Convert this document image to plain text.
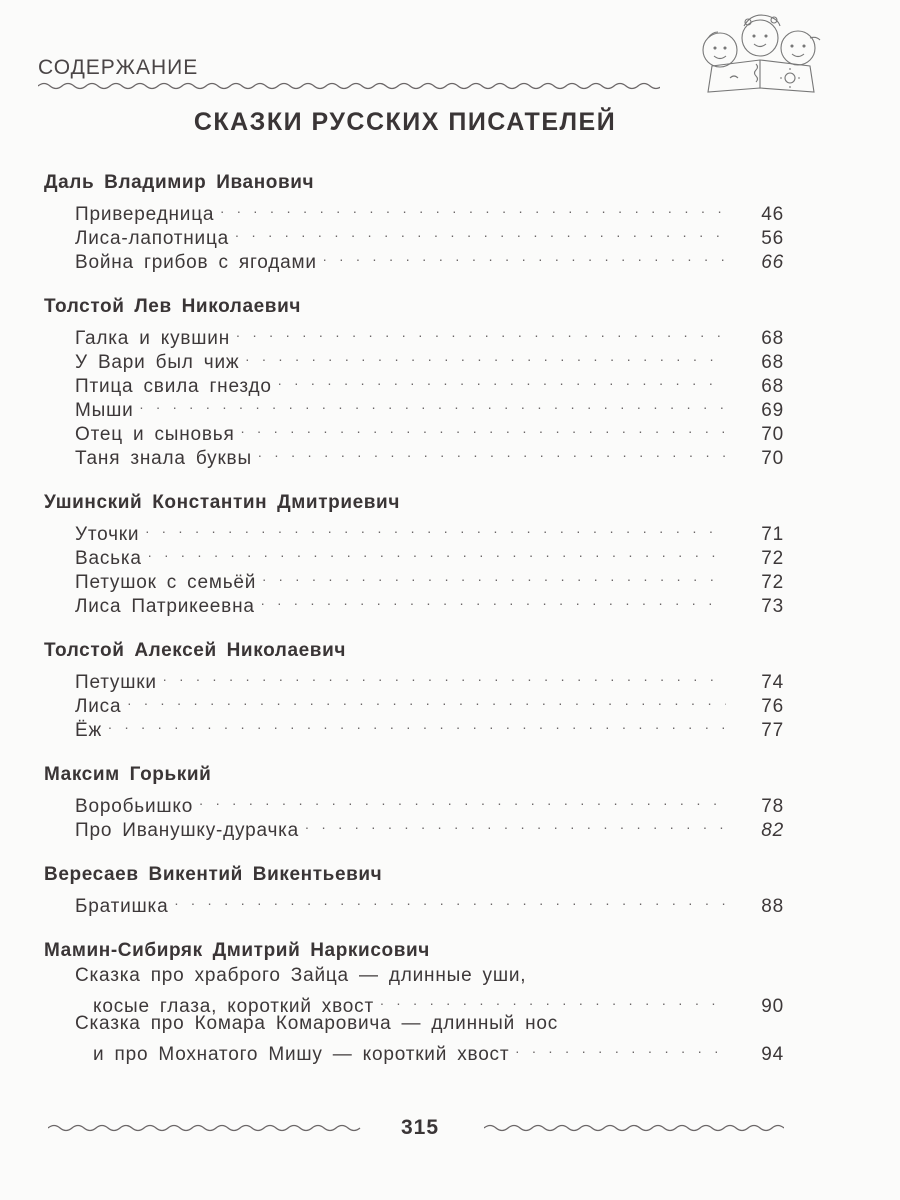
СОДЕРЖАНИЕ
СКАЗКИ РУССКИХ ПИСАТЕЛЕЙ
Даль Владимир Иванович
Привередница . . .	46
Лиса-лапотница . . .	56
Война грибов с ягодами . . .	66
Толстой Лев Николаевич
Галка и кувшин . . .	68
У Вари был чиж . . .	68
Птица свила гнездо . . .	68
Мыши . . .	69
Отец и сыновья . . .	70
Таня знала буквы . . .	70
Ушинский Константин Дмитриевич
Уточки . . .	71
Васька . . .	72
Петушок с семьёй . . .	72
Лиса Патрикеевна . . .	73
Толстой Алексей Николаевич
Петушки . . .	74
Лиса . . .	76
Ёж . . .	77
Максим Горький
Воробьишко . . .	78
Про Иванушку-дурачка . . .	82
Вересаев Викентий Викентьевич
Братишка . . .	88
Мамин-Сибиряк Дмитрий Наркисович
Сказка про храброго Зайца — длинные уши,
косые глаза, короткий хвост . . .	90
Сказка про Комара Комаровича — длинный нос
и про Мохнатого Мишу — короткий хвост . . .	94
315
